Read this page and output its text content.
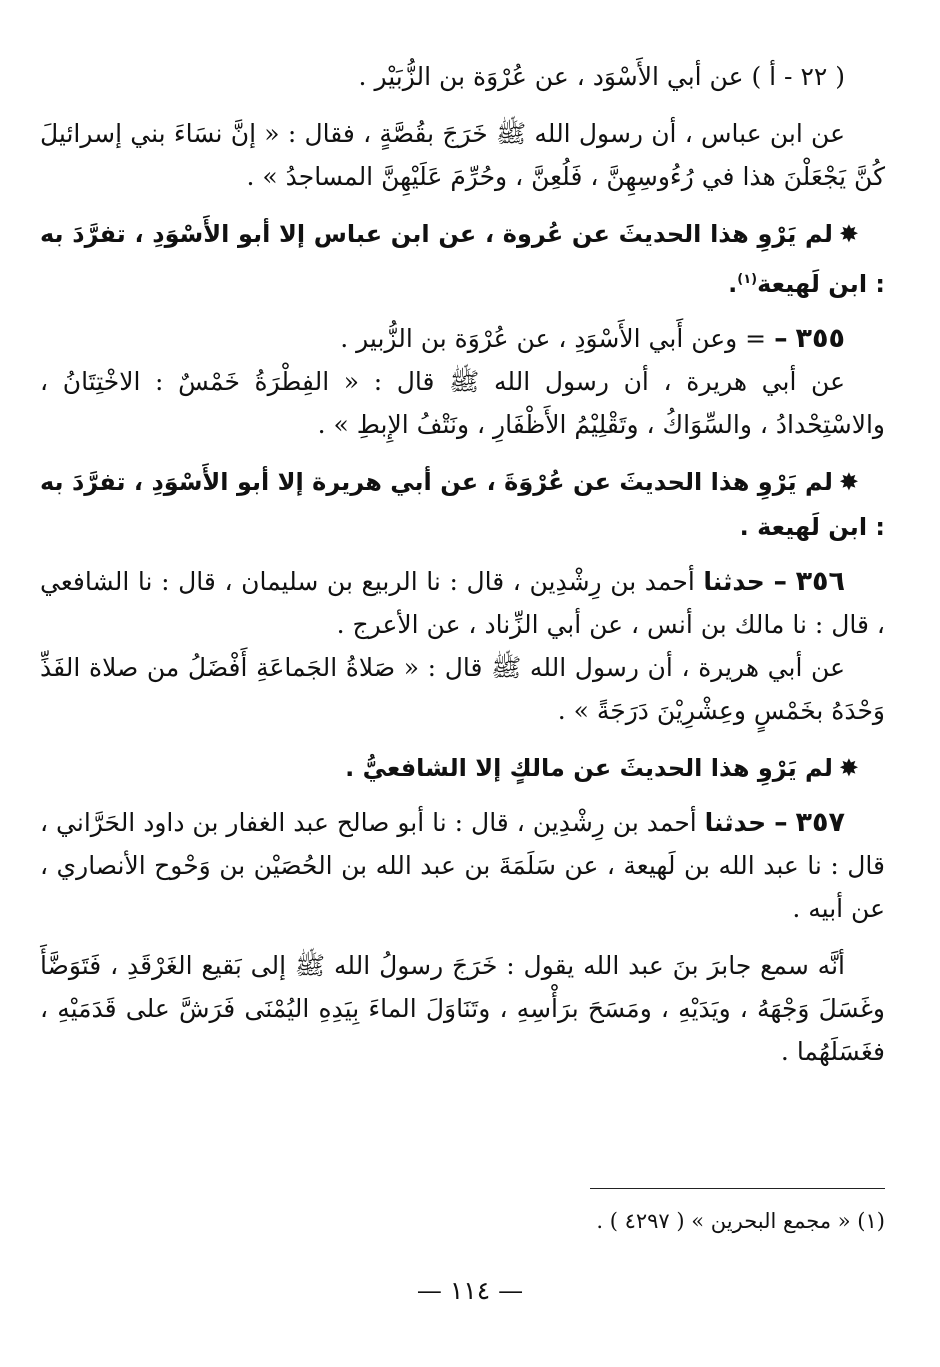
( ٢٢ - أ ) عن أبي الأَسْوَد ، عن عُرْوَة بن الزُّبَيْر .

عن ابن عباس ، أن رسول الله ﷺ خَرَجَ بقُصَّةٍ ، فقال : « إنَّ نسَاءَ بني إسرائيلَ كُنَّ يَجْعَلْنَ هذا في رُءُوسِهِنَّ ، فَلُعِنَّ ، وحُرِّمَ عَلَيْهِنَّ المساجدُ » .

✸لم يَرْوِ هذا الحديثَ عن عُروة ، عن ابن عباس إلا أبو الأَسْوَدِ ، تفرَّدَ به : ابن لَهيعة$^{(١)}$.

٣٥٥ – = وعن أَبي الأَسْوَدِ ، عن عُرْوَة بن الزُّبير .

عن أبي هريرة ، أن رسول الله ﷺ قال : « الفِطْرَةُ خَمْسٌ : الاخْتِتَانُ ، والاسْتِحْدادُ ، والسِّوَاكُ ، وتَقْلِيْمُ الأَظْفَارِ ، ونَتْفُ الإِبطِ » .

✸لم يَرْوِ هذا الحديثَ عن عُرْوَةَ ، عن أبي هريرة إلا أبو الأَسْوَدِ ، تفرَّدَ به : ابن لَهيعة .

٣٥٦ – حدثنا أحمد بن رِشْدِين ، قال : نا الربيع بن سليمان ، قال : نا الشافعي ، قال : نا مالك بن أنس ، عن أبي الزِّناد ، عن الأعرج .

عن أبي هريرة ، أن رسول الله ﷺ قال : « صَلاةُ الجَماعَةِ أَفْضَلُ من صلاة الفَذِّ وَحْدَهُ بخَمْسٍ وعِشْرِيْنَ دَرَجَةً » .

✸لم يَرْوِ هذا الحديثَ عن مالكٍ إلا الشافعيُّ .

٣٥٧ – حدثنا أحمد بن رِشْدِين ، قال : نا أبو صالح عبد الغفار بن داود الحَرَّاني ، قال : نا عبد الله بن لَهيعة ، عن سَلَمَةَ بن عبد الله بن الحُصَيْن بن وَحْوح الأنصاري ، عن أبيه .

أنَّه سمع جابرَ بنَ عبد الله يقول : خَرَجَ رسولُ الله ﷺ إلى بَقيع الغَرْقَدِ ، فَتَوَضَّأَ وغَسَلَ وَجْهَهُ ، ويَدَيْهِ ، ومَسَحَ برَأْسِهِ ، وتَنَاوَلَ الماءَ بِيَدِهِ اليُمْنَى فَرَشَّ على قَدَمَيْهِ ، فغَسَلَهُما .

(١) « مجمع البحرين » ( ٤٢٩٧ ) .
— ١١٤ —
